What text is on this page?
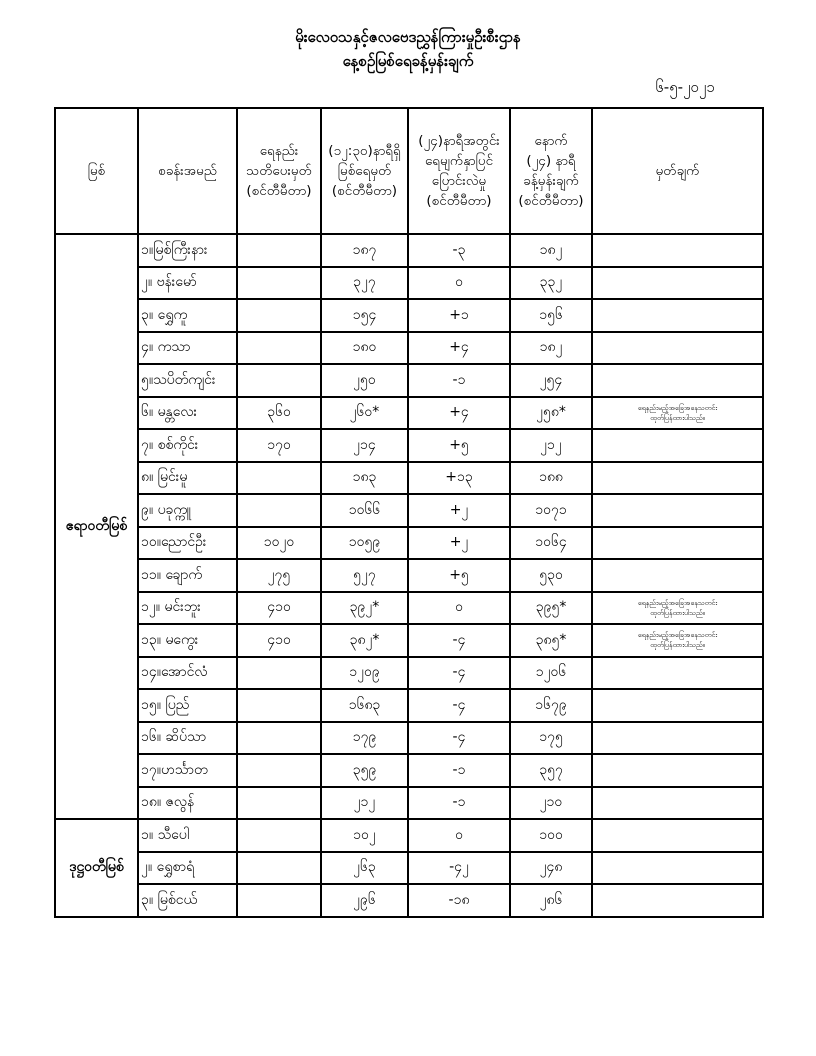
မိုးလေဝသနှင့်ဇလဗေဒညွှန်ကြားမှုဦးစီးဌာန
နေ့စဉ်မြစ်ရေခန့်မှန်းချက်
၆-၅-၂၀၂၁
မြစ်	စခန်းအမည်	ရေနည်း
သတိပေးမှတ်
(စင်တီမီတာ)	(၁၂:၃၀)နာရီရှိ
မြစ်ရေမှတ်
(စင်တီမီတာ)	(၂၄)နာရီအတွင်း
ရေမျက်နှာပြင်
ပြောင်းလဲမှု
(စင်တီမီတာ)	နောက်
(၂၄) နာရီ
ခန့်မှန်းချက်
(စင်တီမီတာ)	မှတ်ချက်

ဧရာဝတီမြစ်	၁။မြစ်ကြီးနား		၁၈၇	-၃	၁၈၂	

	၂။ ဗန်းမော်		၃၂၇	၀	၃၃၂	

	၃။ ရွှေကူ		၁၅၄	+၁	၁၅၆	

	၄။ ကသာ		၁၈၀	+၄	၁၈၂	

	၅။သပိတ်ကျင်း		၂၅၀	-၁	၂၅၄	

	၆။ မန္တလေး	၃၆၀	၂၆၀*	+၄	၂၅၈*	ရေနည်းမည့်အခြေအနေသတင်း
ထုတ်ပြန်ထားပါသည်။

	၇။ စစ်ကိုင်း	၁၇၀	၂၁၄	+၅	၂၁၂	

	၈။ မြင်းမူ		၁၈၃	+၁၃	၁၈၈	

	၉။ ပခုက္ကူ		၁၀၆၆	+၂	၁၀၇၁	

	၁၀။ညောင်ဦး	၁၀၂၀	၁၀၅၉	+၂	၁၀၆၄	

	၁၁။ ချောက်	၂၇၅	၅၂၇	+၅	၅၃၀	

	၁၂။ မင်းဘူး	၄၁၀	၃၉၂*	၀	၃၉၅*	ရေနည်းမည့်အခြေအနေသတင်း
ထုတ်ပြန်ထားပါသည်။

	၁၃။ မကွေး	၄၁၀	၃၈၂*	-၄	၃၈၅*	ရေနည်းမည့်အခြေအနေသတင်း
ထုတ်ပြန်ထားပါသည်။

	၁၄။အောင်လံ		၁၂၀၉	-၄	၁၂၀၆	

	၁၅။ ပြည်		၁၆၈၃	-၄	၁၆၇၉	

	၁၆။ ဆိပ်သာ		၁၇၉	-၄	၁၇၅	

	၁၇။ဟင်္သာတ		၃၅၉	-၁	၃၅၇	

	၁၈။ ဇလွန်		၂၁၂	-၁	၂၁၀	

ဒုဋ္ဌဝတီမြစ်	၁။ သီပေါ		၁၀၂	၀	၁၀၀	

	၂။ ရွှေစာရံ		၂၆၃	-၄၂	၂၄၈	

	၃။ မြစ်ငယ်		၂၉၆	-၁၈	၂၈၆	
